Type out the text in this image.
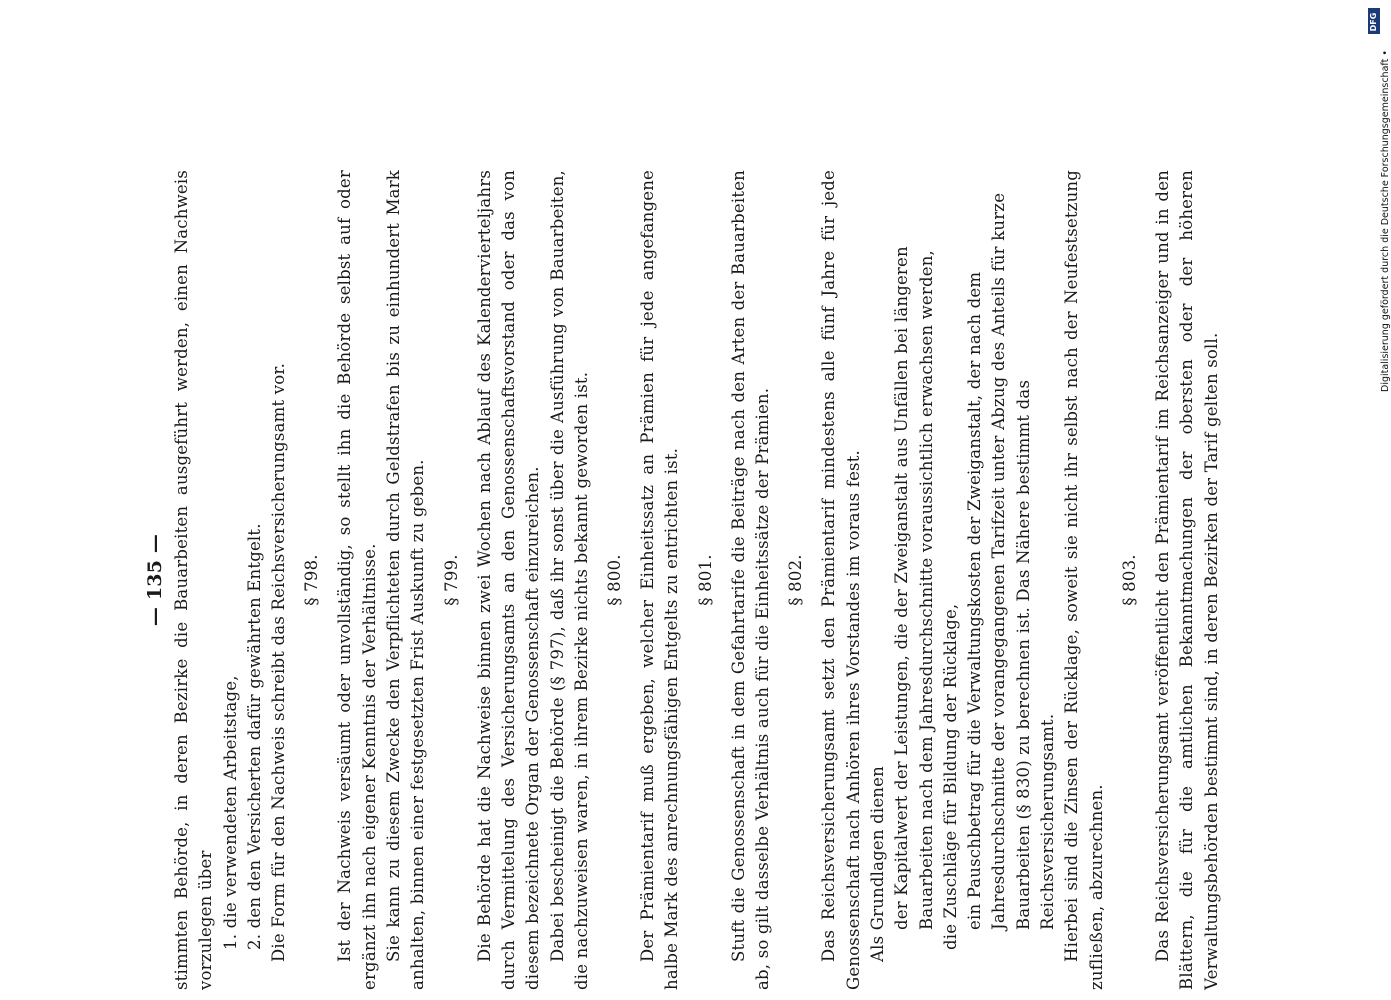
— 135 — stimmten Behörde, in deren Bezirke die Bauarbeiten ausgeführt werden, einen Nachweis vorzulegen über 1. die verwendeten Arbeitstage, 2. den den Versicherten dafür gewährten Entgelt. Die Form für den Nachweis schreibt das Reichsversicherungsamt vor. § 798. Ist der Nachweis versäumt oder unvollständig, so stellt ihn die Behörde selbst auf oder ergänzt ihn nach eigener Kenntnis der Verhältnisse. Sie kann zu diesem Zwecke den Verpflichteten durch Geldstrafen bis zu einhundert Mark anhalten, binnen einer festgesetzten Frist Auskunft zu geben. § 799. Die Behörde hat die Nachweise binnen zwei Wochen nach Ablauf des Kalendervierteljahrs durch Vermittelung des Versicherungsamts an den Genossenschaftsvorstand oder das von diesem bezeichnete Organ der Genossenschaft einzureichen. Dabei bescheinigt die Behörde (§ 797), daß ihr sonst über die Ausführung von Bauarbeiten, die nachzuweisen waren, in ihrem Bezirke nichts bekannt geworden ist. § 800. Der Prämientarif muß ergeben, welcher Einheitssatz an Prämien für jede angefangene halbe Mark des anrechnungsfähigen Entgelts zu entrichten ist. § 801. Stuft die Genossenschaft in dem Gefahrtarife die Beiträge nach den Arten der Bauarbeiten ab, so gilt dasselbe Verhältnis auch für die Einheitssätze der Prämien. § 802. Das Reichsversicherungsamt setzt den Prämientarif mindestens alle fünf Jahre für jede Genossenschaft nach Anhören ihres Vorstandes im voraus fest. Als Grundlagen dienen der Kapitalwert der Leistungen, die der Zweiganstalt aus Unfällen bei längeren Bauarbeiten nach dem Jahresdurchschnitte voraussichtlich erwachsen werden, die Zuschläge für Bildung der Rücklage, ein Pauschbetrag für die Verwaltungskosten der Zweiganstalt, der nach dem Jahresdurchschnitte der vorangegangenen Tarifzeit unter Abzug des Anteils für kurze Bauarbeiten (§ 830) zu berechnen ist. Das Nähere bestimmt das Reichsversicherungsamt. Hierbei sind die Zinsen der Rücklage, soweit sie nicht ihr selbst nach der Neufestsetzung zufließen, abzurechnen.

§ 803. Das Reichsversicherungsamt veröffentlicht den Prämientarif im Reichsanzeiger und in den Blättern, die für die amtlichen Bekanntmachungen der obersten oder der höheren Verwaltungsbehörden bestimmt sind, in deren Bezirken der Tarif gelten soll.

DFG
Digitalisierung gefördert durch die Deutsche Forschungsgemeinschaft •
